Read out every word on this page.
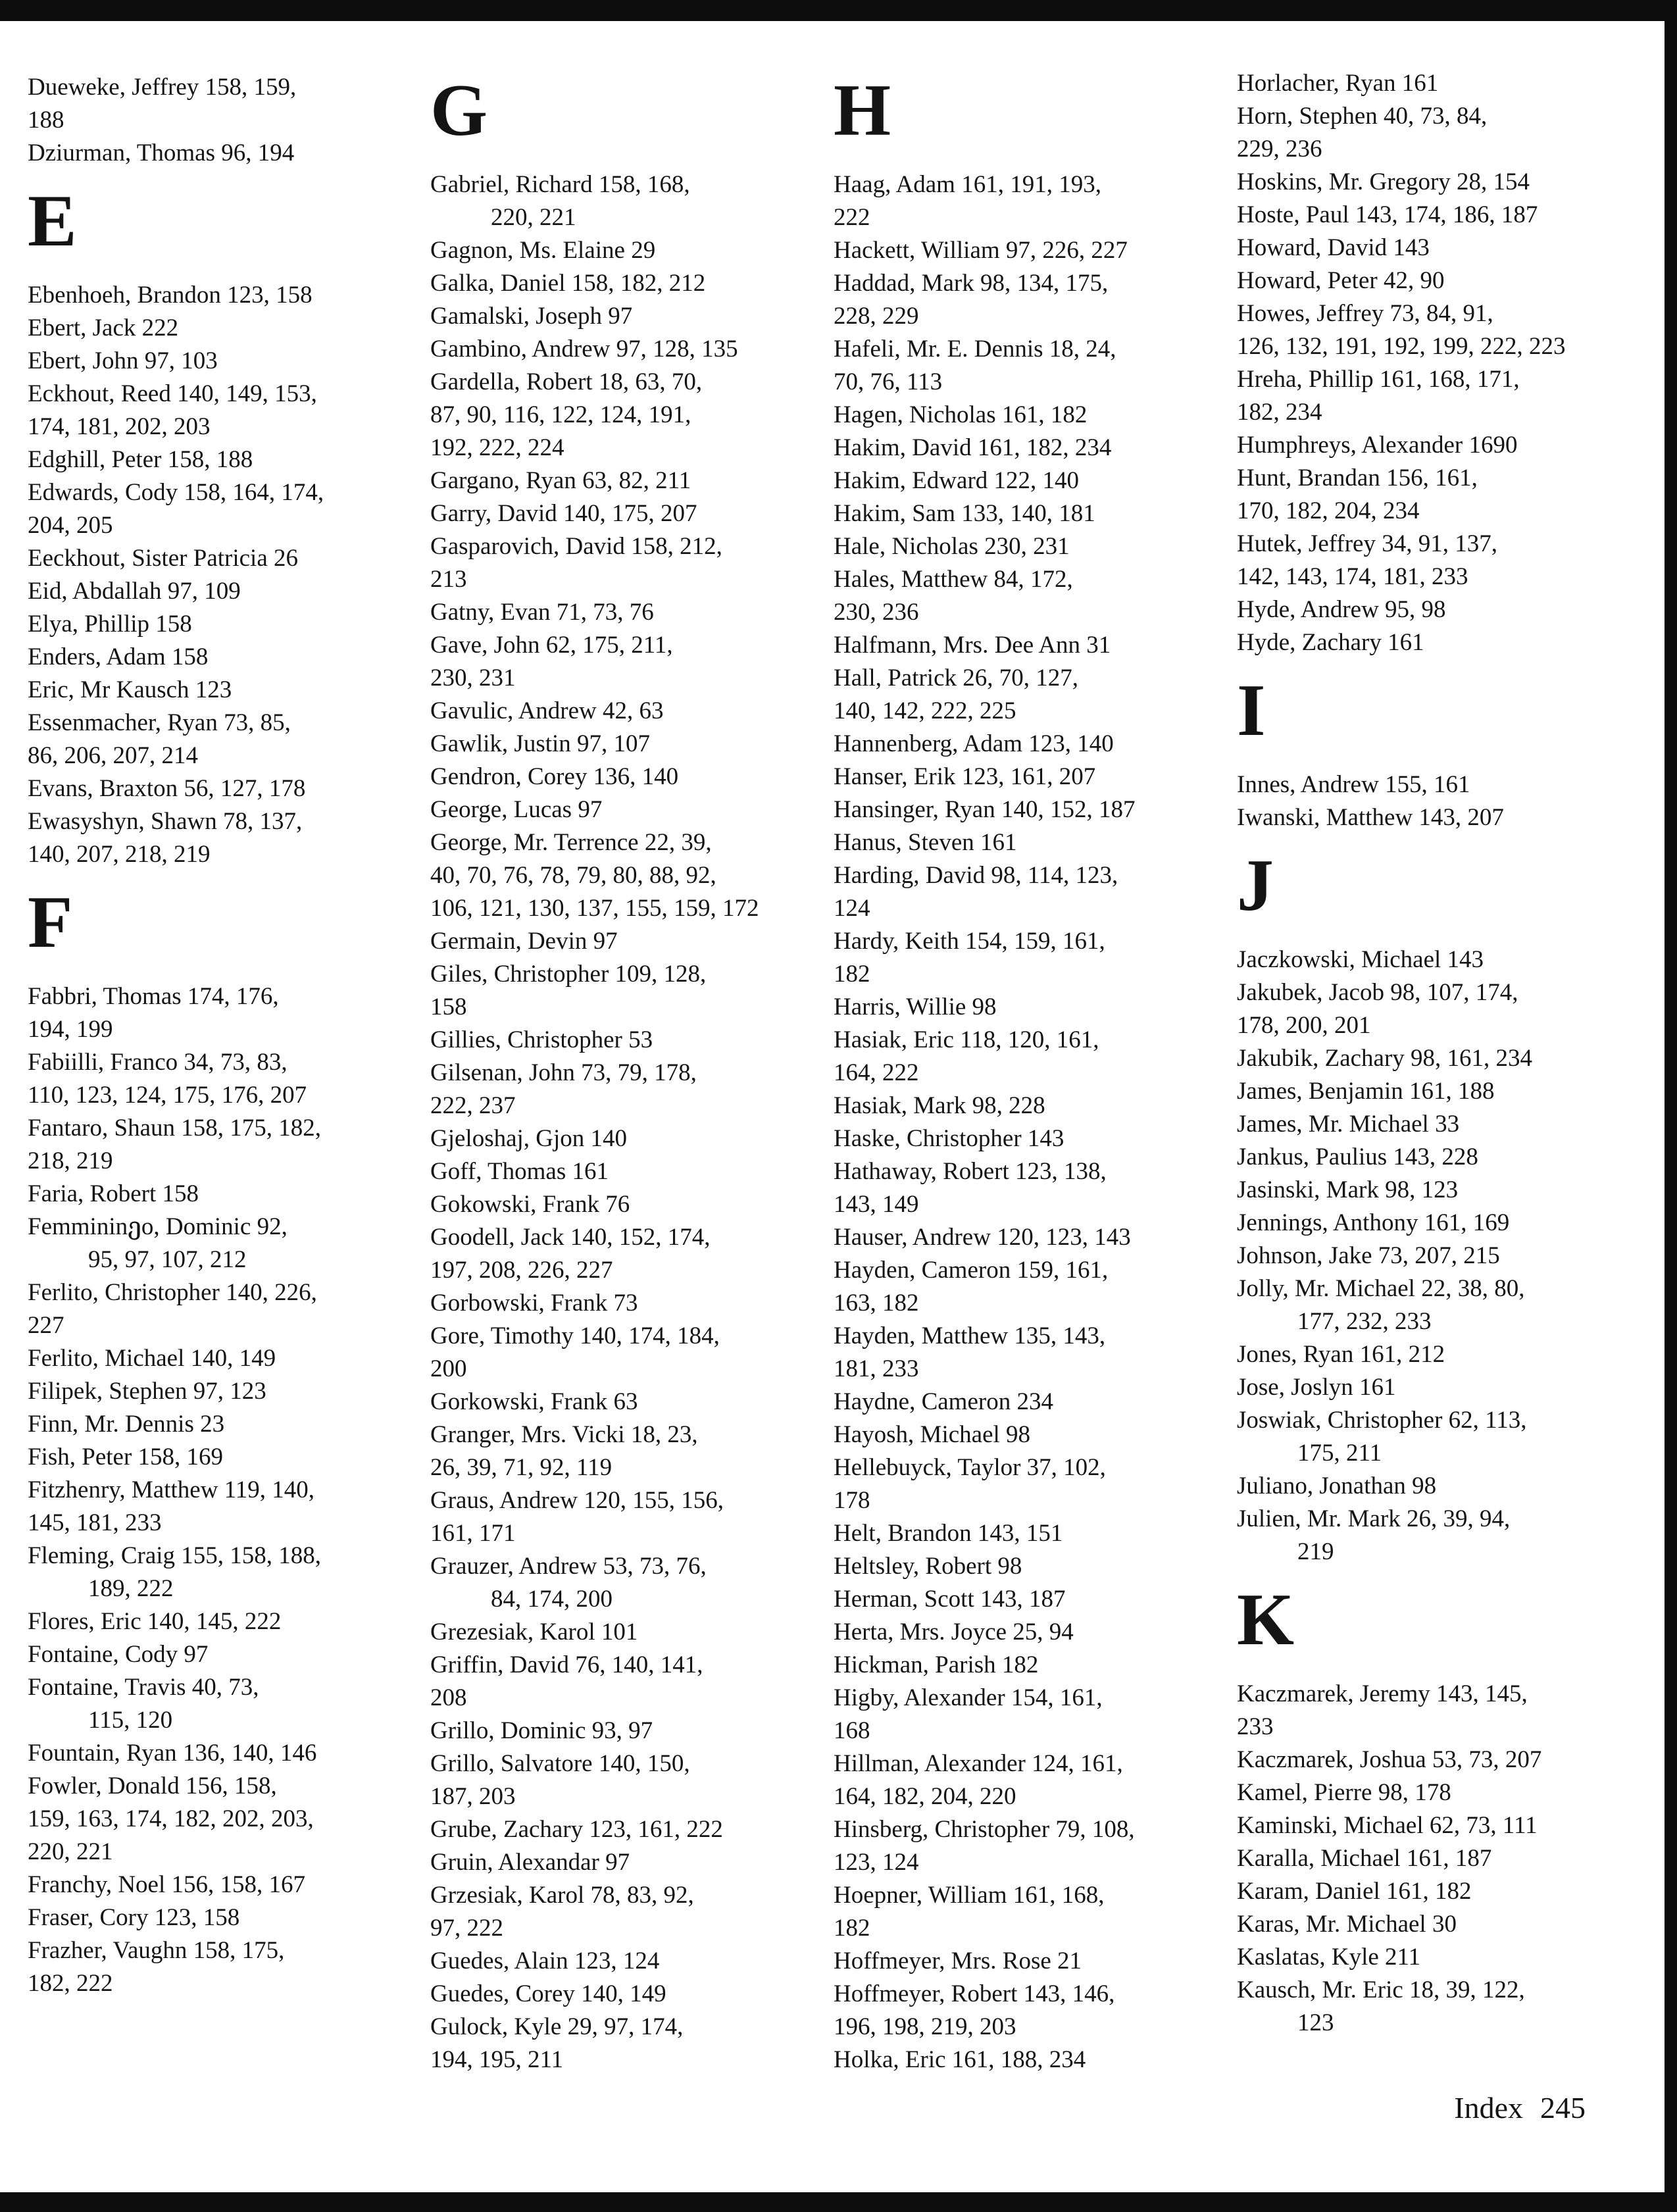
Dueweke, Jeffrey 158, 159,
188

Dziurman, Thomas 96, 194

E

Ebenhoeh, Brandon 123, 158

Ebert, Jack 222

Ebert, John 97, 103

Eckhout, Reed 140, 149, 153,
174, 181, 202, 203

Edghill, Peter 158, 188

Edwards, Cody 158, 164, 174,
204, 205

Eeckhout, Sister Patricia 26

Eid, Abdallah 97, 109

Elya, Phillip 158

Enders, Adam 158

Eric, Mr Kausch 123

Essenmacher, Ryan 73, 85,
86, 206, 207, 214

Evans, Braxton 56, 127, 178

Ewasyshyn, Shawn 78, 137,
140, 207, 218, 219

F

Fabbri, Thomas 174, 176,
194, 199

Fabiilli, Franco 34, 73, 83,
110, 123, 124, 175, 176, 207

Fantaro, Shaun 158, 175, 182,
218, 219

Faria, Robert 158

Femmininეo, Dominic 92,
95, 97, 107, 212

Ferlito, Christopher 140, 226,
227

Ferlito, Michael 140, 149

Filipek, Stephen 97, 123

Finn, Mr. Dennis 23

Fish, Peter 158, 169

Fitzhenry, Matthew 119, 140,
145, 181, 233

Fleming, Craig 155, 158, 188,
189, 222

Flores, Eric 140, 145, 222

Fontaine, Cody 97

Fontaine, Travis 40, 73,
115, 120

Fountain, Ryan 136, 140, 146

Fowler, Donald 156, 158,
159, 163, 174, 182, 202, 203,

220, 221

Franchy, Noel 156, 158, 167

Fraser, Cory 123, 158

Frazher, Vaughn 158, 175,
182, 222

G

Gabriel, Richard 158, 168,
220, 221

Gagnon, Ms. Elaine 29

Galka, Daniel 158, 182, 212

Gamalski, Joseph 97

Gambino, Andrew 97, 128, 135

Gardella, Robert 18, 63, 70,
87, 90, 116, 122, 124, 191,

192, 222, 224

Gargano, Ryan 63, 82, 211

Garry, David 140, 175, 207

Gasparovich, David 158, 212,
213

Gatny, Evan 71, 73, 76

Gave, John 62, 175, 211,
230, 231

Gavulic, Andrew 42, 63

Gawlik, Justin 97, 107

Gendron, Corey 136, 140

George, Lucas 97

George, Mr. Terrence 22, 39,
40, 70, 76, 78, 79, 80, 88, 92,

106, 121, 130, 137, 155, 159, 172

Germain, Devin 97

Giles, Christopher 109, 128,
158

Gillies, Christopher 53

Gilsenan, John 73, 79, 178,
222, 237

Gjeloshaj, Gjon 140

Goff, Thomas 161

Gokowski, Frank 76

Goodell, Jack 140, 152, 174,
197, 208, 226, 227

Gorbowski, Frank 73

Gore, Timothy 140, 174, 184,
200

Gorkowski, Frank 63

Granger, Mrs. Vicki 18, 23,
26, 39, 71, 92, 119

Graus, Andrew 120, 155, 156,
161, 171

Grauzer, Andrew 53, 73, 76,
84, 174, 200

Grezesiak, Karol 101

Griffin, David 76, 140, 141,
208

Grillo, Dominic 93, 97

Grillo, Salvatore 140, 150,
187, 203

Grube, Zachary 123, 161, 222

Gruin, Alexandar 97

Grzesiak, Karol 78, 83, 92,
97, 222

Guedes, Alain 123, 124

Guedes, Corey 140, 149

Gulock, Kyle 29, 97, 174,
194, 195, 211

H

Haag, Adam 161, 191, 193,
222

Hackett, William 97, 226, 227

Haddad, Mark 98, 134, 175,
228, 229

Hafeli, Mr. E. Dennis 18, 24,
70, 76, 113

Hagen, Nicholas 161, 182

Hakim, David 161, 182, 234

Hakim, Edward 122, 140

Hakim, Sam 133, 140, 181

Hale, Nicholas 230, 231

Hales, Matthew 84, 172,
230, 236

Halfmann, Mrs. Dee Ann 31

Hall, Patrick 26, 70, 127,
140, 142, 222, 225

Hannenberg, Adam 123, 140

Hanser, Erik 123, 161, 207

Hansinger, Ryan 140, 152, 187

Hanus, Steven 161

Harding, David 98, 114, 123,
124

Hardy, Keith 154, 159, 161,
182

Harris, Willie 98

Hasiak, Eric 118, 120, 161,
164, 222

Hasiak, Mark 98, 228

Haske, Christopher 143

Hathaway, Robert 123, 138,
143, 149

Hauser, Andrew 120, 123, 143

Hayden, Cameron 159, 161,
163, 182

Hayden, Matthew 135, 143,
181, 233

Haydne, Cameron 234

Hayosh, Michael 98

Hellebuyck, Taylor 37, 102,
178

Helt, Brandon 143, 151

Heltsley, Robert 98

Herman, Scott 143, 187

Herta, Mrs. Joyce 25, 94

Hickman, Parish 182

Higby, Alexander 154, 161,
168

Hillman, Alexander 124, 161,
164, 182, 204, 220

Hinsberg, Christopher 79, 108,
123, 124

Hoepner, William 161, 168,
182

Hoffmeyer, Mrs. Rose 21

Hoffmeyer, Robert 143, 146,
196, 198, 219, 203

Holka, Eric 161, 188, 234

Horlacher, Ryan 161

Horn, Stephen 40, 73, 84,
229, 236

Hoskins, Mr. Gregory 28, 154

Hoste, Paul 143, 174, 186, 187

Howard, David 143

Howard, Peter 42, 90

Howes, Jeffrey 73, 84, 91,
126, 132, 191, 192, 199, 222, 223

Hreha, Phillip 161, 168, 171,
182, 234

Humphreys, Alexander 1690

Hunt, Brandan 156, 161,
170, 182, 204, 234

Hutek, Jeffrey 34, 91, 137,
142, 143, 174, 181, 233

Hyde, Andrew 95, 98

Hyde, Zachary 161

I

Innes, Andrew 155, 161

Iwanski, Matthew 143, 207

J

Jaczkowski, Michael 143

Jakubek, Jacob 98, 107, 174,
178, 200, 201

Jakubik, Zachary 98, 161, 234

James, Benjamin 161, 188

James, Mr. Michael 33

Jankus, Paulius 143, 228

Jasinski, Mark 98, 123

Jennings, Anthony 161, 169

Johnson, Jake 73, 207, 215

Jolly, Mr. Michael 22, 38, 80,
177, 232, 233

Jones, Ryan 161, 212

Jose, Joslyn 161

Joswiak, Christopher 62, 113,
175, 211

Juliano, Jonathan 98

Julien, Mr. Mark 26, 39, 94,
219

K

Kaczmarek, Jeremy 143, 145,
233

Kaczmarek, Joshua 53, 73, 207

Kamel, Pierre 98, 178

Kaminski, Michael 62, 73, 111

Karalla, Michael 161, 187

Karam, Daniel 161, 182

Karas, Mr. Michael 30

Kaslatas, Kyle 211

Kausch, Mr. Eric 18, 39, 122,
123

Index 245
